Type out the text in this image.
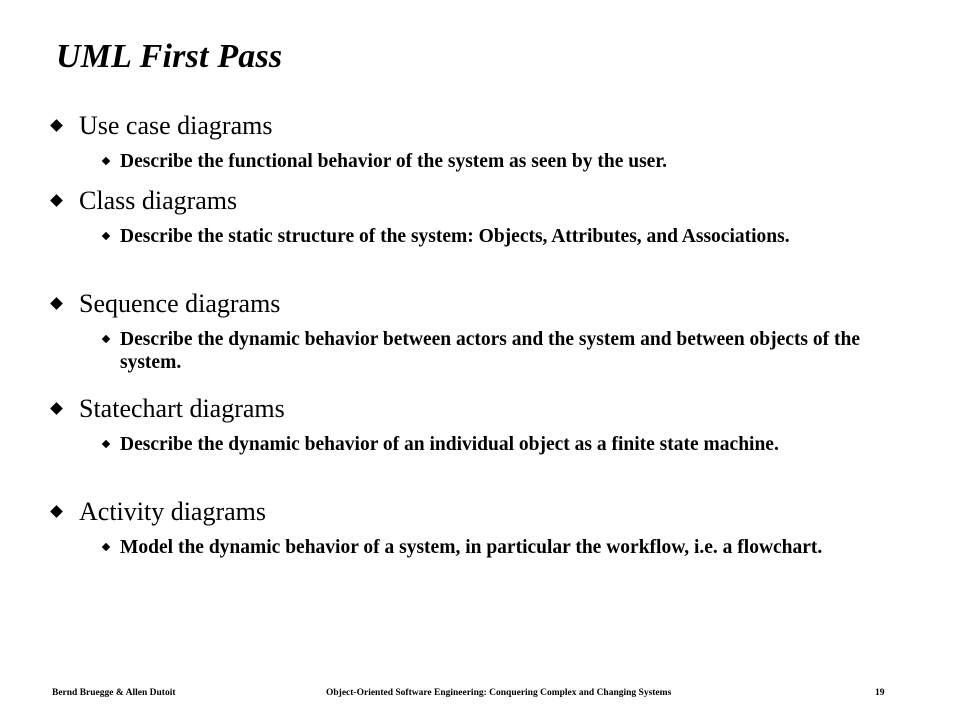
UML First Pass
Use case diagrams
Describe the functional behavior of the system as seen by the user.
Class diagrams
Describe the static structure of the system: Objects, Attributes, and Associations.
Sequence diagrams
Describe the dynamic behavior between actors and the system and between objects of the system.
Statechart diagrams
Describe the dynamic behavior of an individual object as a finite state machine.
Activity diagrams
Model the dynamic behavior of a system, in particular the workflow, i.e. a flowchart.
Bernd Bruegge & Allen Dutoit	Object-Oriented Software Engineering: Conquering Complex and Changing Systems	19
